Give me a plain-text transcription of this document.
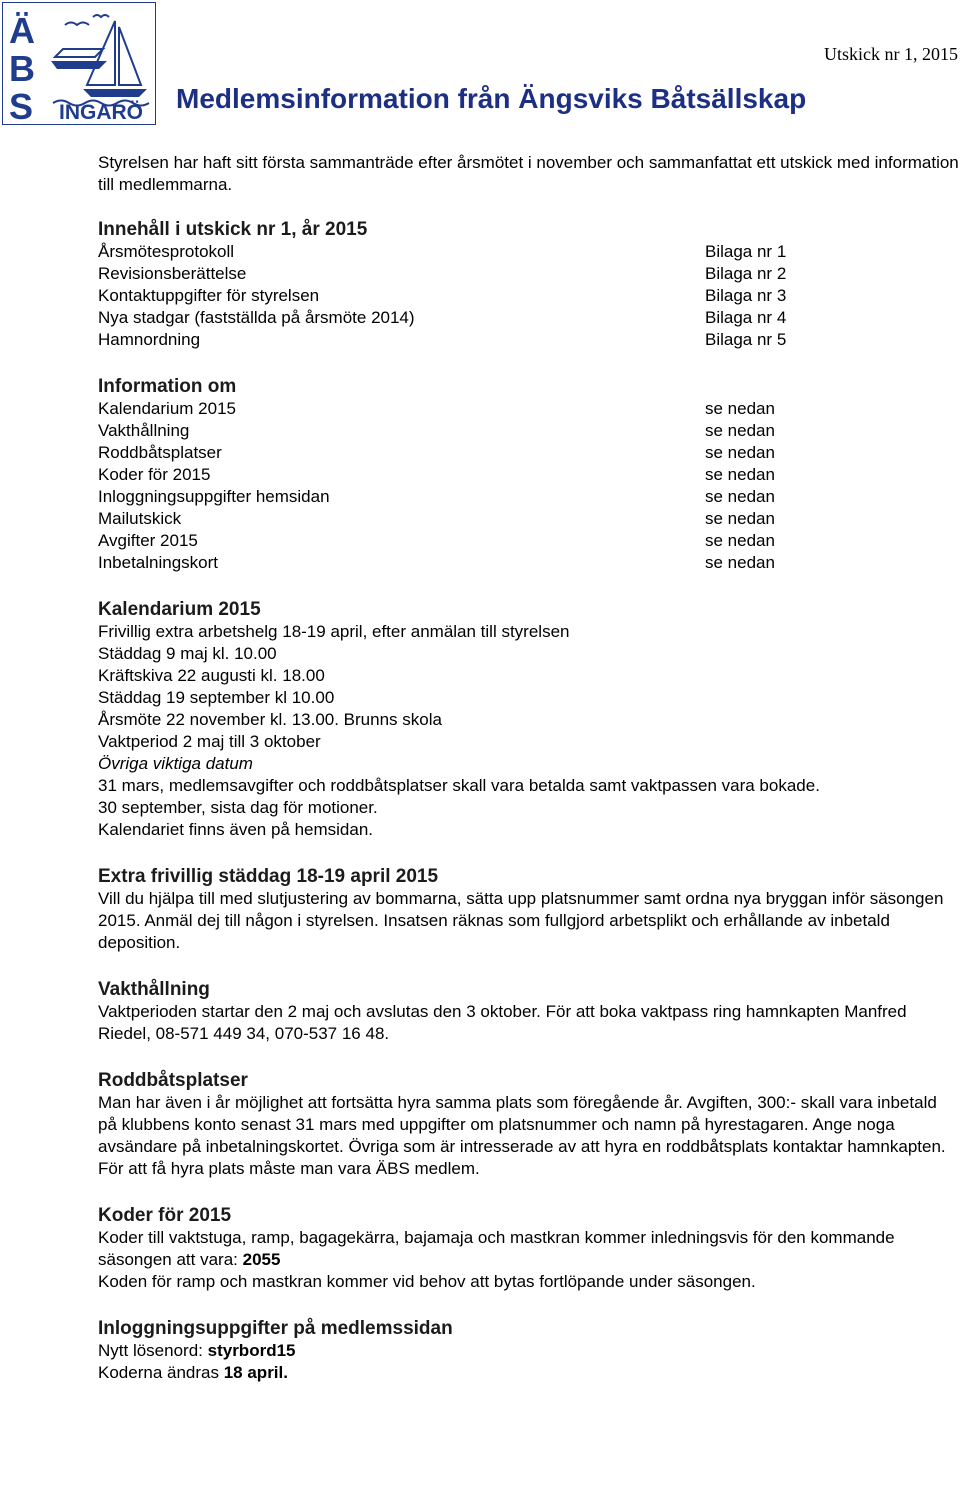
Ä
B
S INGARÖ
Utskick nr 1, 2015
Medlemsinformation från Ängsviks Båtsällskap

Styrelsen har haft sitt första sammanträde efter årsmötet i november och sammanfattat ett utskick med information till medlemmarna.

Innehåll i utskick nr 1, år 2015
Årsmötesprotokoll	Bilaga nr 1
Revisionsberättelse	Bilaga nr 2
Kontaktuppgifter för styrelsen	Bilaga nr 3
Nya stadgar (fastställda på årsmöte 2014)	Bilaga nr 4
Hamnordning	Bilaga nr 5
Information om
Kalendarium 2015	se nedan
Vakthållning	se nedan
Roddbåtsplatser	se nedan
Koder för 2015	se nedan
Inloggningsuppgifter hemsidan	se nedan
Mailutskick	se nedan
Avgifter 2015	se nedan
Inbetalningskort	se nedan
Kalendarium 2015

Frivillig extra arbetshelg 18-19 april, efter anmälan till styrelsen

Städdag 9 maj kl. 10.00

Kräftskiva 22 augusti kl. 18.00

Städdag 19 september kl 10.00

Årsmöte 22 november kl. 13.00. Brunns skola

Vaktperiod 2 maj till 3 oktober

Övriga viktiga datum

31 mars, medlemsavgifter och roddbåtsplatser skall vara betalda samt vaktpassen vara bokade.

30 september, sista dag för motioner.

Kalendariet finns även på hemsidan.

Extra frivillig städdag 18-19 april 2015

Vill du hjälpa till med slutjustering av bommarna, sätta upp platsnummer samt ordna nya bryggan inför säsongen 2015. Anmäl dej till någon i styrelsen. Insatsen räknas som fullgjord arbetsplikt och erhållande av inbetald deposition.

Vakthållning

Vaktperioden startar den 2 maj och avslutas den 3 oktober. För att boka vaktpass ring hamnkapten Manfred Riedel, 08-571 449 34, 070-537 16 48.

Roddbåtsplatser

Man har även i år möjlighet att fortsätta hyra samma plats som föregående år. Avgiften, 300:- skall vara inbetald på klubbens konto senast 31 mars med uppgifter om platsnummer och namn på hyrestagaren. Ange noga avsändare på inbetalningskortet. Övriga som är intresserade av att hyra en roddbåtsplats kontaktar hamnkapten.

För att få hyra plats måste man vara ÄBS medlem.

Koder för 2015

Koder till vaktstuga, ramp, bagagekärra, bajamaja och mastkran kommer inledningsvis för den kommande säsongen att vara: 2055

Koden för ramp och mastkran kommer vid behov att bytas fortlöpande under säsongen.

Inloggningsuppgifter på medlemssidan

Nytt lösenord: styrbord15

Koderna ändras 18 april.
